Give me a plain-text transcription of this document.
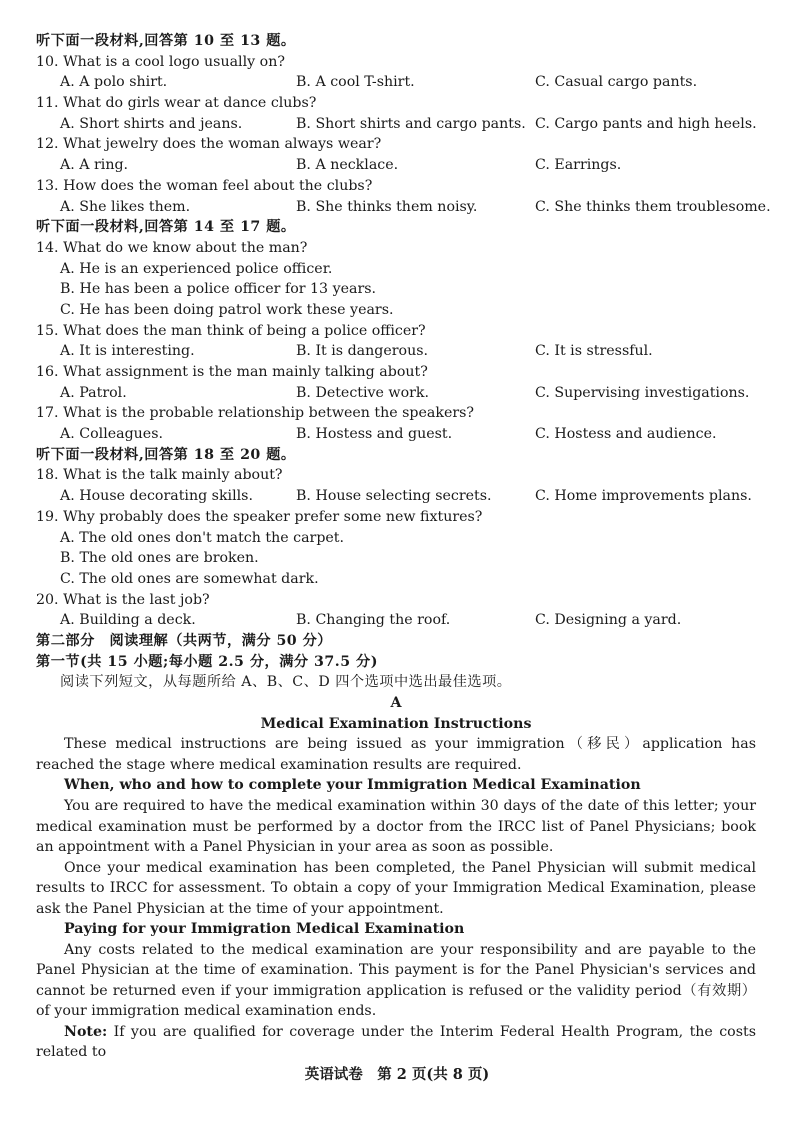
听下面一段材料,回答第 10 至 13 题。
10. What is a cool logo usually on?
A. A polo shirt.	B. A cool T-shirt.	C. Casual cargo pants.
11. What do girls wear at dance clubs?
A. Short shirts and jeans.	B. Short shirts and cargo pants. C. Cargo pants and high heels.
12. What jewelry does the woman always wear?
A. A ring.	B. A necklace.	C. Earrings.
13. How does the woman feel about the clubs?
A. She likes them.	B. She thinks them noisy.	C. She thinks them troublesome.
听下面一段材料,回答第 14 至 17 题。
14. What do we know about the man?
A. He is an experienced police officer.
B. He has been a police officer for 13 years.
C. He has been doing patrol work these years.
15. What does the man think of being a police officer?
A. It is interesting.	B. It is dangerous.	C. It is stressful.
16. What assignment is the man mainly talking about?
A. Patrol.	B. Detective work.	C. Supervising investigations.
17. What is the probable relationship between the speakers?
A. Colleagues.	B. Hostess and guest.	C. Hostess and audience.
听下面一段材料,回答第 18 至 20 题。
18. What is the talk mainly about?
A. House decorating skills.	B. House selecting secrets.	C. Home improvements plans.
19. Why probably does the speaker prefer some new fixtures?
A. The old ones don't match the carpet.
B. The old ones are broken.
C. The old ones are somewhat dark.
20. What is the last job?
A. Building a deck.	B. Changing the roof.	C. Designing a yard.
第二部分　阅读理解（共两节，满分 50 分）
第一节(共 15 小题;每小题 2.5 分，满分 37.5 分)
阅读下列短文，从每题所给 A、B、C、D 四个选项中选出最佳选项。
A
Medical Examination Instructions

These medical instructions are being issued as your immigration（移民）application has reached the stage where medical examination results are required.

When, who and how to complete your Immigration Medical Examination

You are required to have the medical examination within 30 days of the date of this letter; your medical examination must be performed by a doctor from the IRCC list of Panel Physicians; book an appointment with a Panel Physician in your area as soon as possible.

Once your medical examination has been completed, the Panel Physician will submit medical results to IRCC for assessment. To obtain a copy of your Immigration Medical Examination, please ask the Panel Physician at the time of your appointment.

Paying for your Immigration Medical Examination

Any costs related to the medical examination are your responsibility and are payable to the Panel Physician at the time of examination. This payment is for the Panel Physician's services and cannot be returned even if your immigration application is refused or the validity period（有效期）of your immigration medical examination ends.

Note: If you are qualified for coverage under the Interim Federal Health Program, the costs related to

英语试卷　第 2 页(共 8 页)
